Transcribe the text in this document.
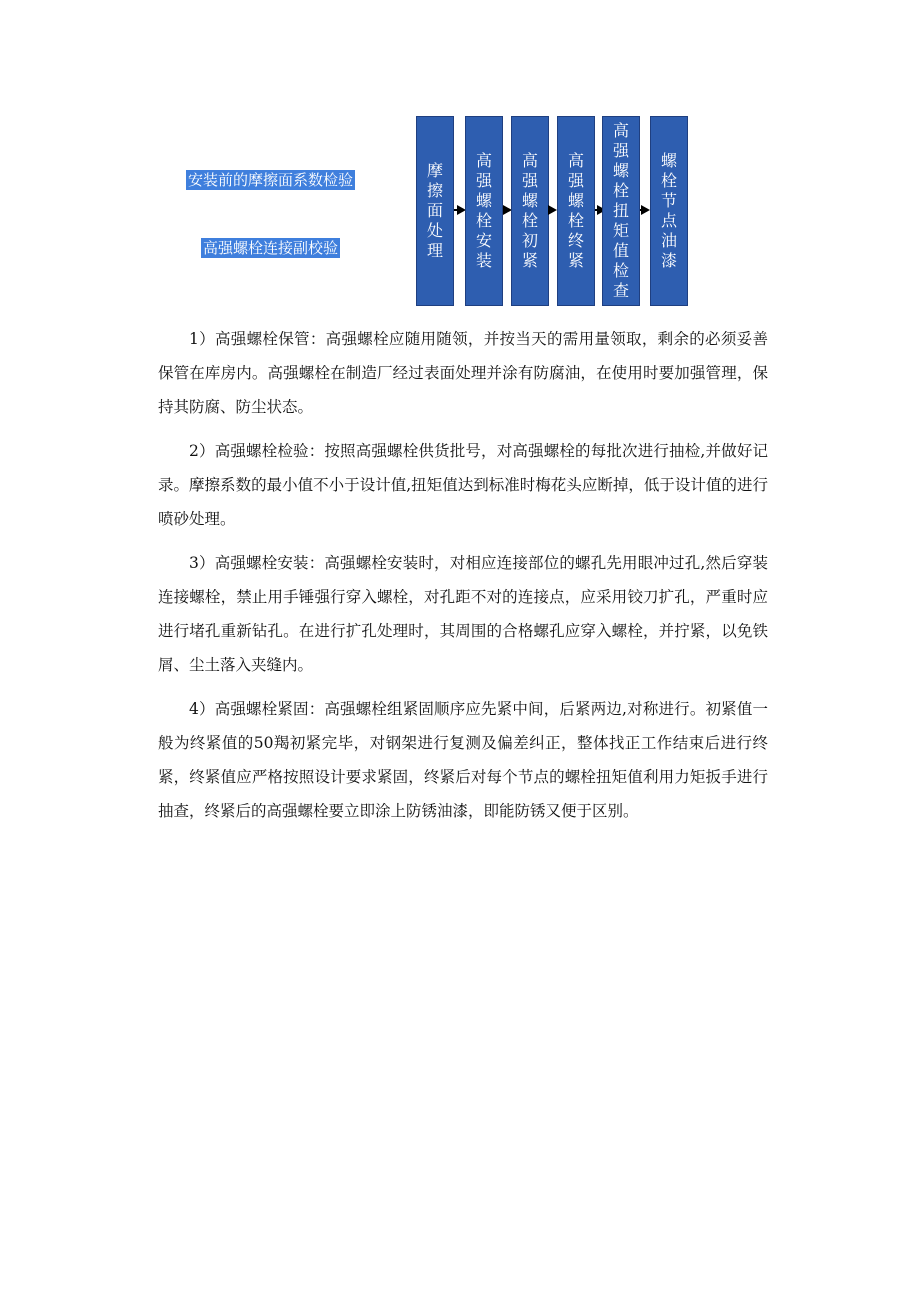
安装前的摩擦面系数检验
高强螺栓连接副校验
摩擦面处理
高强螺栓安装
高强螺栓初紧
高强螺栓终紧
高强螺栓扭矩值检查
螺栓节点油漆

1）高强螺栓保管：高强螺栓应随用随领，并按当天的需用量领取，剩余的必须妥善保管在库房内。高强螺栓在制造厂经过表面处理并涂有防腐油，在使用时要加强管理，保持其防腐、防尘状态。

2）高强螺栓检验：按照高强螺栓供货批号，对高强螺栓的每批次进行抽检,并做好记录。摩擦系数的最小值不小于设计值,扭矩值达到标准时梅花头应断掉，低于设计值的进行喷砂处理。

3）高强螺栓安装：高强螺栓安装时，对相应连接部位的螺孔先用眼冲过孔,然后穿装连接螺栓，禁止用手锤强行穿入螺栓，对孔距不对的连接点，应采用铰刀扩孔，严重时应进行堵孔重新钻孔。在进行扩孔处理时，其周围的合格螺孔应穿入螺栓，并拧紧，以免铁屑、尘土落入夹缝内。

4）高强螺栓紧固：高强螺栓组紧固顺序应先紧中间，后紧两边,对称进行。初紧值一般为终紧值的50羯初紧完毕，对钢架进行复测及偏差纠正，整体找正工作结束后进行终紧，终紧值应严格按照设计要求紧固，终紧后对每个节点的螺栓扭矩值利用力矩扳手进行抽查，终紧后的高强螺栓要立即涂上防锈油漆，即能防锈又便于区别。
